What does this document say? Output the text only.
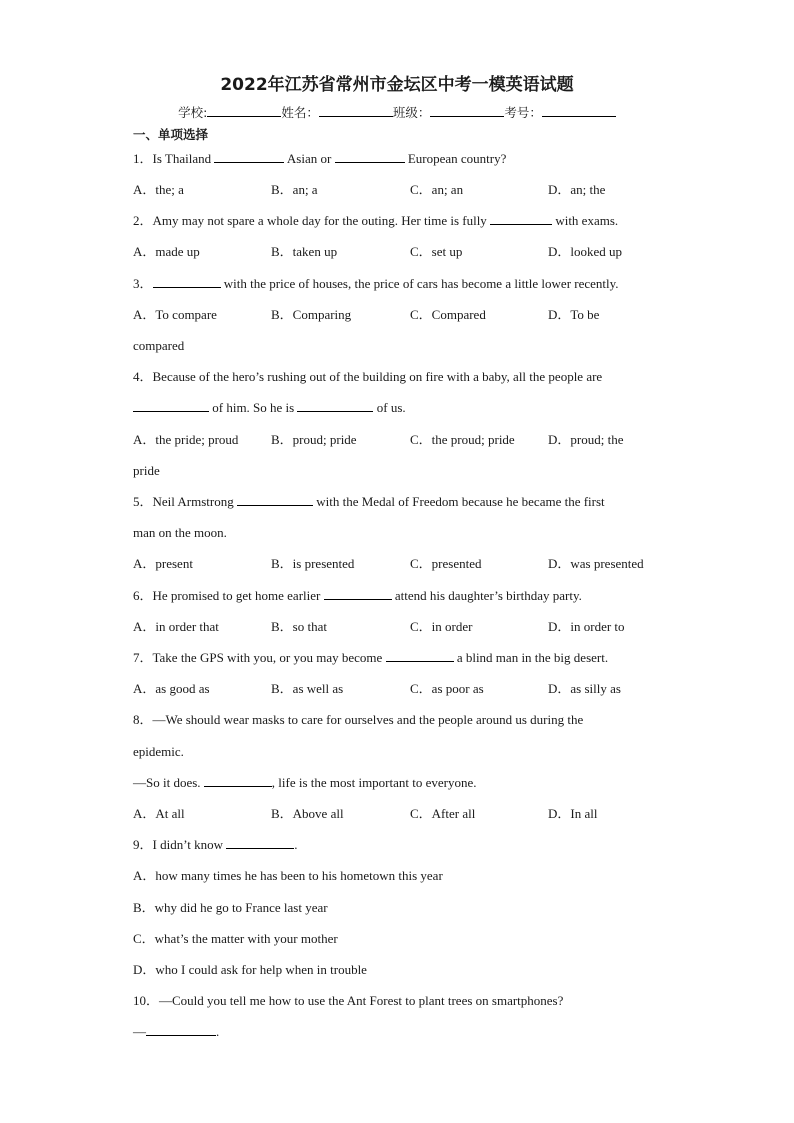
2022年江苏省常州市金坛区中考一模英语试题
学校:	姓名：	班级：	考号：
一、单项选择
1．Is Thailand	Asian or	European country?
A．the; a	B．an; a	C．an; an	D．an; the
2．Amy may not spare a whole day for the outing. Her time is fully	with exams.
A．made up	B．taken up	C．set up	D．looked up
3．	with the price of houses, the price of cars has become a little lower recently.
A．To compare	B．Comparing	C．Compared	D．To be
compared
4．Because of the hero’s rushing out of the building on fire with a baby, all the people are
of him. So he is	of us.
A．the pride; proud	B．proud; pride	C．the proud; pride	D．proud; the
pride
5．Neil Armstrong	with the Medal of Freedom because he became the first
man on the moon.
A．present	B．is presented	C．presented	D．was presented
6．He promised to get home earlier	attend his daughter’s birthday party.
A．in order that	B．so that	C．in order	D．in order to
7．Take the GPS with you, or you may become	a blind man in the big desert.
A．as good as	B．as well as	C．as poor as	D．as silly as
8．—We should wear masks to care for ourselves and the people around us during the
epidemic.
—So it does.	, life is the most important to everyone.
A．At all	B．Above all	C．After all	D．In all
9．I didn’t know	.
A．how many times he has been to his hometown this year
B．why did he go to France last year
C．what’s the matter with your mother
D．who I could ask for help when in trouble
10．—Could you tell me how to use the Ant Forest to plant trees on smartphones?
—	.
